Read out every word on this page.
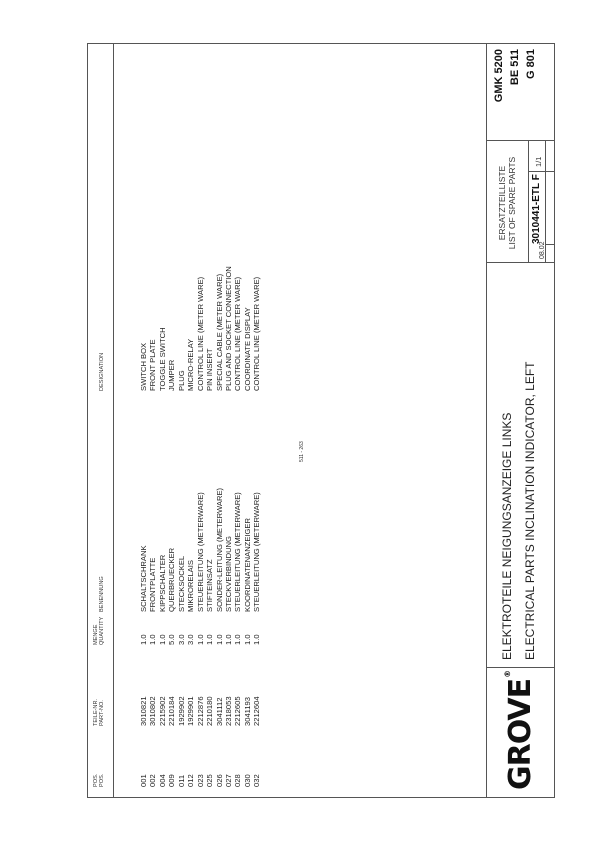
POS. POS.
TEILE-NR. PART-NO.
MENGE QUANTITY
BENENNUNG
DESIGNATION
001
3010821
1.0
SCHALTSCHRANK
SWITCH BOX
002
3010802
1.0
FRONTPLATTE
FRONT PLATE
004
2215902
1.0
KIPPSCHALTER
TOGGLE SWITCH
009
2210184
5.0
QUERBRUECKER
JUMPER
011
1929902
3.0
STECKSOCKEL
PLUG
012
1929901
3.0
MIKRORELAIS
MICRO-RELAY
023
2212876
1.0
STEUERLEITUNG (METERWARE)
CONTROL LINE (METER WARE)
025
2210180
1.0
STIFTEINSATZ
PIN INSERT
026
3041112
1.0
SONDER-LEITUNG (METERWARE)
SPECIAL CABLE (METER WARE)
027
2318053
1.0
STECKVERBINDUNG
PLUG AND SOCKET CONNECTION
028
2212605
1.0
STEUERLEITUNG (METERWARE)
CONTROL LINE (METER WARE)
030
3041193
1.0
KOORDINATENANZEIGER
COORDINATE DISPLAY
032
2212604
1.0
STEUERLEITUNG (METERWARE)
CONTROL LINE (METER WARE)
GROVE®
ELEKTROTEILE NEIGUNGSANZEIGE LINKS ELECTRICAL PARTS INCLINATION INDICATOR, LEFT
ERSATZTEILLISTE LIST OF SPARE PARTS 3010441-ETL F
08.02
1/1
GMK 5200 BE 511 G 801
511 - 263
